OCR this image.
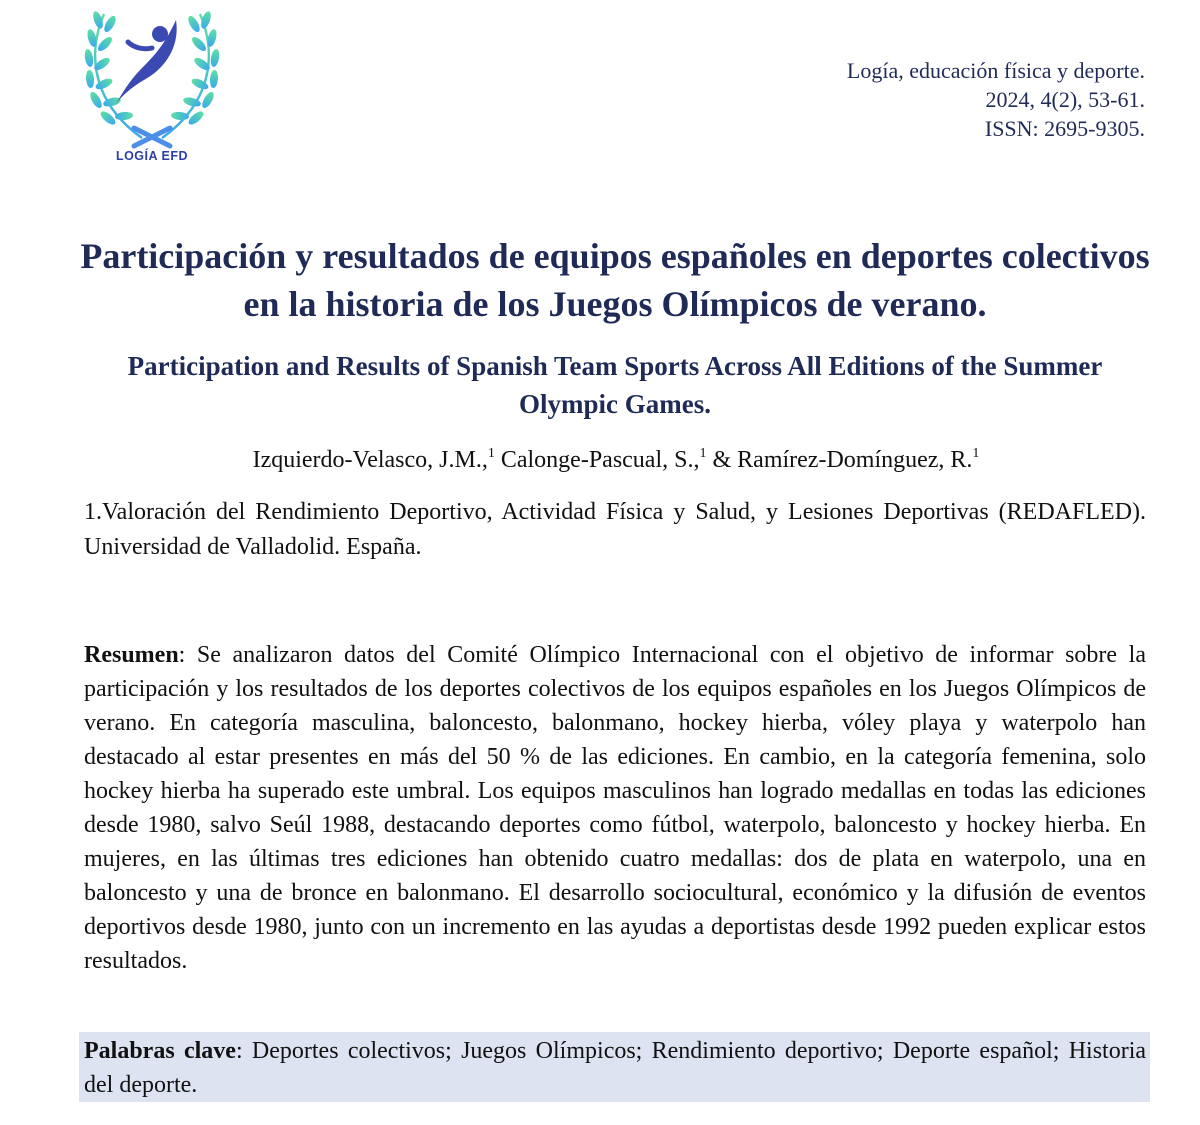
LOGÍA EFD
Logía, educación física y deporte.
2024, 4(2), 53-61.
ISSN: 2695-9305.
Participación y resultados de equipos españoles en deportes colectivos en la historia de los Juegos Olímpicos de verano.
Participation and Results of Spanish Team Sports Across All Editions of the Summer Olympic Games.
Izquierdo-Velasco, J.M.,$^1$ Calonge-Pascual, S.,$^1$ & Ramírez-Domínguez, R.$^1$
1.Valoración del Rendimiento Deportivo, Actividad Física y Salud, y Lesiones Deportivas (REDAFLED). Universidad de Valladolid. España.
Resumen: Se analizaron datos del Comité Olímpico Internacional con el objetivo de informar sobre la participación y los resultados de los deportes colectivos de los equipos españoles en los Juegos Olímpicos de verano. En categoría masculina, baloncesto, balonmano, hockey hierba, vóley playa y waterpolo han destacado al estar presentes en más del 50 % de las ediciones. En cambio, en la categoría femenina, solo hockey hierba ha superado este umbral. Los equipos masculinos han logrado medallas en todas las ediciones desde 1980, salvo Seúl 1988, destacando deportes como fútbol, waterpolo, baloncesto y hockey hierba. En mujeres, en las últimas tres ediciones han obtenido cuatro medallas: dos de plata en waterpolo, una en baloncesto y una de bronce en balonmano. El desarrollo sociocultural, económico y la difusión de eventos deportivos desde 1980, junto con un incremento en las ayudas a deportistas desde 1992 pueden explicar estos resultados.
Palabras clave: Deportes colectivos; Juegos Olímpicos; Rendimiento deportivo; Deporte español; Historia del deporte.
